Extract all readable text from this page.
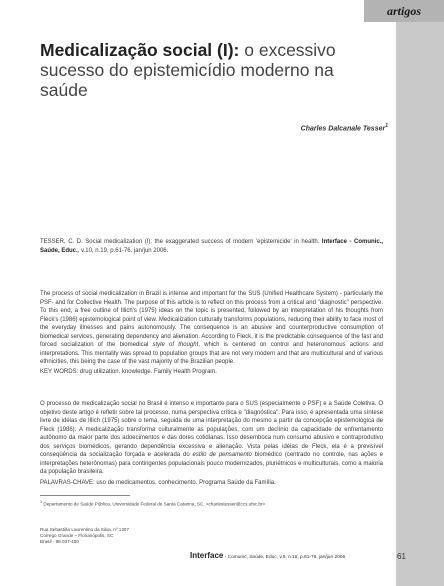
artigos
Medicalização social (I): o excessivo
sucesso do epistemicídio moderno na saúde
Charles Dalcanale Tesser$^1$
TESSER, C. D. Social medicalization (I): the exaggerated success of modern 'epistemicide' in health. Interface - Comunic., Saúde, Educ., v.10, n.19, p.61-76, jan/jun 2006.

The process of social medicalization in Brazil is intense and important for the SUS (Unified Healthcare System) - particularly the PSF- and for Collective Health. The purpose of this article is to reflect on this process from a critical and "diagnostic" perspective. To this end, a free outline of Illich's (1975) ideas on the topic is presented, followed by an interpretation of his thoughts from Fleck's (1986) epistemological point of view. Medicalization culturally transforms populations, reducing their ability to face most of the everyday illnesses and pains autonomously. The consequence is an abusive and counterproductive consumption of biomedical services, generating dependency and alienation. According to Fleck, it is the predictable consequence of the fast and forced socialization of the biomedical style of thought, which is centered on control and heteronomous actions and interpretations. This mentality was spread to population groups that are not very modern and that are multicultural and of various ethnicities, this being the case of the vast majority of the Brazilian people.

KEY WORDS: drug utilization. knowledge. Family Health Program.

O processo de medicalização social no Brasil é intenso e importante para o SUS (especialmente o PSF) e a Saúde Coletiva. O objetivo deste artigo é refletir sobre tal processo, numa perspectiva crítica e "diagnóstica". Para isso, é apresentada uma síntese livre de idéias de Illich (1975) sobre o tema, seguida de uma interpretação do mesmo a partir da concepção epistemológica de Fleck (1986). A medicalização transforma culturalmente as populações, com um declínio da capacidade de enfrentamento autônomo da maior parte dos adoecimentos e das dores cotidianas. Isso desemboca num consumo abusivo e contraprodutivo dos serviços biomédicos, gerando dependência excessiva e alienação. Vista pelas idéias de Fleck, ela é a previsível conseqüência da socialização forçada e acelerada do estilo de pensamento biomédico (centrado no controle, nas ações e interpretações heterônomas) para contingentes populacionais pouco modernizados, pluriétnicos e multiculturais, como a maioria da população brasileira.

PALAVRAS-CHAVE: uso de medicamentos. conhecimento. Programa Saúde da Família.
$^1$ Departamento de Saúde Pública, Universidade Federal de Santa Catarina, SC. <charlestesser@ccs.ufsc.br>
Rua Sebastião Laurentino da Silva, nº 1307
Córrego Grande – Florianópolis, SC
Brasil - 88.037-400
Interface - Comunic, Saúde, Educ, v.9, n.18, p.61-76, jan/jun 2006	61
